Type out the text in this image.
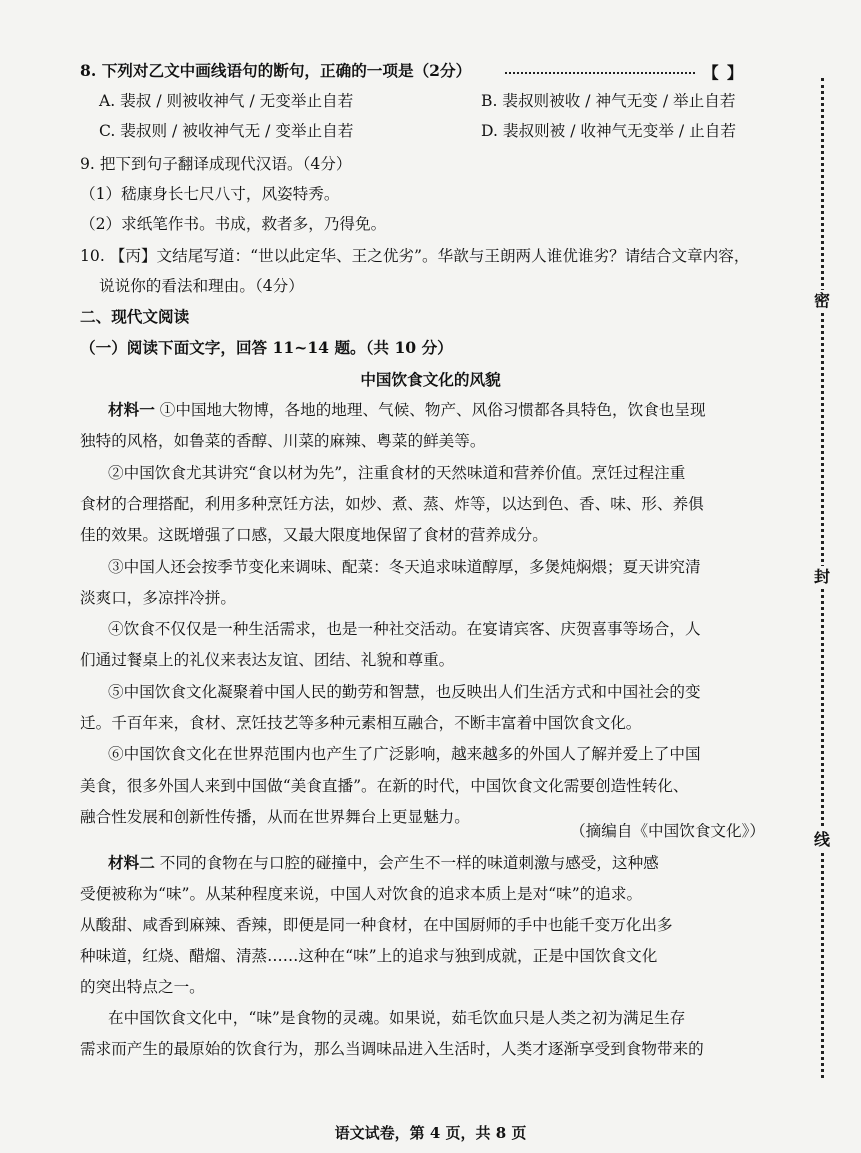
8. 下列对乙文中画线语句的断句，正确的一项是（2分）	【 】
A. 裴叔 / 则被收神气 / 无变举止自若	B. 裴叔则被收 / 神气无变 / 举止自若
C. 裴叔则 / 被收神气无 / 变举止自若	D. 裴叔则被 / 收神气无变举 / 止自若
9. 把下到句子翻译成现代汉语。（4分）
（1）嵇康身长七尺八寸，风姿特秀。
（2）求纸笔作书。书成，救者多，乃得免。
10. 【丙】文结尾写道：“世以此定华、王之优劣”。华歆与王朗两人谁优谁劣？请结合文章内容，
说说你的看法和理由。（4分）
二、现代文阅读
（一）阅读下面文字，回答 11~14 题。（共 10 分）
中国饮食文化的风貌
材料一 ①中国地大物博，各地的地理、气候、物产、风俗习惯都各具特色，饮食也呈现
独特的风格，如鲁菜的香醇、川菜的麻辣、粤菜的鲜美等。
②中国饮食尤其讲究“食以材为先”，注重食材的天然味道和营养价值。烹饪过程注重
食材的合理搭配，利用多种烹饪方法，如炒、煮、蒸、炸等，以达到色、香、味、形、养俱
佳的效果。这既增强了口感，又最大限度地保留了食材的营养成分。
③中国人还会按季节变化来调味、配菜：冬天追求味道醇厚，多煲炖焖煨；夏天讲究清
淡爽口，多凉拌冷拼。
④饮食不仅仅是一种生活需求，也是一种社交活动。在宴请宾客、庆贺喜事等场合，人
们通过餐桌上的礼仪来表达友谊、团结、礼貌和尊重。
⑤中国饮食文化凝聚着中国人民的勤劳和智慧，也反映出人们生活方式和中国社会的变
迁。千百年来，食材、烹饪技艺等多种元素相互融合，不断丰富着中国饮食文化。
⑥中国饮食文化在世界范围内也产生了广泛影响，越来越多的外国人了解并爱上了中国
美食，很多外国人来到中国做“美食直播”。在新的时代，中国饮食文化需要创造性转化、
融合性发展和创新性传播，从而在世界舞台上更显魅力。
（摘编自《中国饮食文化》）
材料二 不同的食物在与口腔的碰撞中，会产生不一样的味道刺激与感受，这种感
受便被称为“味”。从某种程度来说，中国人对饮食的追求本质上是对“味”的追求。
从酸甜、咸香到麻辣、香辣，即便是同一种食材，在中国厨师的手中也能千变万化出多
种味道，红烧、醋熘、清蒸……这种在“味”上的追求与独到成就，正是中国饮食文化
的突出特点之一。
在中国饮食文化中，“味”是食物的灵魂。如果说，茹毛饮血只是人类之初为满足生存
需求而产生的最原始的饮食行为，那么当调味品进入生活时，人类才逐渐享受到食物带来的
语文试卷，第 4 页，共 8 页
密
封
线
